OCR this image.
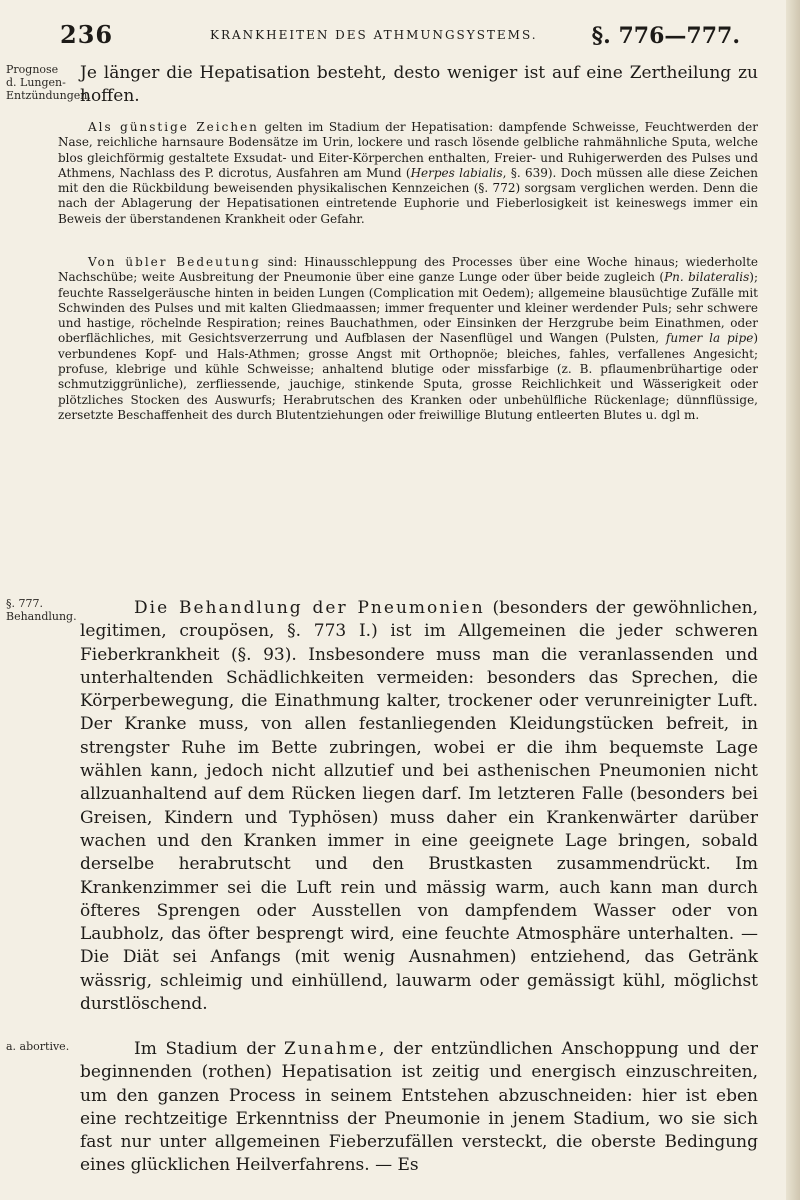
236	KRANKHEITEN DES ATHMUNGSYSTEMS. §. 776—777.
Prognose d. Lungen-Entzündungen.
§. 777. Behandlung.
a. abortive.

Je länger die Hepatisation besteht, desto weniger ist auf eine Zertheilung zu hoffen.

Als günstige Zeichen gelten im Stadium der Hepatisation: dampfende Schweisse, Feuchtwerden der Nase, reichliche harnsaure Bodensätze im Urin, lockere und rasch lösende gelbliche rahmähnliche Sputa, welche blos gleichförmig gestaltete Exsudat- und Eiter-Körperchen enthalten, Freier- und Ruhigerwerden des Pulses und Athmens, Nachlass des P. dicrotus, Ausfahren am Mund (Herpes labialis, §. 639). Doch müssen alle diese Zeichen mit den die Rückbildung beweisenden physikalischen Kennzeichen (§. 772) sorgsam verglichen werden. Denn die nach der Ablagerung der Hepatisationen eintretende Euphorie und Fieberlosigkeit ist keineswegs immer ein Beweis der überstandenen Krankheit oder Gefahr.

Von übler Bedeutung sind: Hinausschleppung des Processes über eine Woche hinaus; wiederholte Nachschübe; weite Ausbreitung der Pneumonie über eine ganze Lunge oder über beide zugleich (Pn. bilateralis); feuchte Rasselgeräusche hinten in beiden Lungen (Complication mit Oedem); allgemeine blausüchtige Zufälle mit Schwinden des Pulses und mit kalten Gliedmaassen; immer frequenter und kleiner werdender Puls; sehr schwere und hastige, röchelnde Respiration; reines Bauchathmen, oder Einsinken der Herzgrube beim Einathmen, oder oberflächliches, mit Gesichtsverzerrung und Aufblasen der Nasenflügel und Wangen (Pulsten, fumer la pipe) verbundenes Kopf- und Hals-Athmen; grosse Angst mit Orthopnöe; bleiches, fahles, verfallenes Angesicht; profuse, klebrige und kühle Schweisse; anhaltend blutige oder missfarbige (z. B. pflaumenbrühartige oder schmutziggrünliche), zerfliessende, jauchige, stinkende Sputa, grosse Reichlichkeit und Wässerigkeit oder plötzliches Stocken des Auswurfs; Herabrutschen des Kranken oder unbehülfliche Rückenlage; dünnflüssige, zersetzte Beschaffenheit des durch Blutentziehungen oder freiwillige Blutung entleerten Blutes u. dgl m.

Die Behandlung der Pneumonien (besonders der gewöhnlichen, legitimen, croupösen, §. 773 I.) ist im Allgemeinen die jeder schweren Fieberkrankheit (§. 93). Insbesondere muss man die veranlassenden und unterhaltenden Schädlichkeiten vermeiden: besonders das Sprechen, die Körperbewegung, die Einathmung kalter, trockener oder verunreinigter Luft. Der Kranke muss, von allen festanliegenden Kleidungstücken befreit, in strengster Ruhe im Bette zubringen, wobei er die ihm bequemste Lage wählen kann, jedoch nicht allzutief und bei asthenischen Pneumonien nicht allzuanhaltend auf dem Rücken liegen darf. Im letzteren Falle (besonders bei Greisen, Kindern und Typhösen) muss daher ein Krankenwärter darüber wachen und den Kranken immer in eine geeignete Lage bringen, sobald derselbe herabrutscht und den Brustkasten zusammendrückt. Im Krankenzimmer sei die Luft rein und mässig warm, auch kann man durch öfteres Sprengen oder Ausstellen von dampfendem Wasser oder von Laubholz, das öfter besprengt wird, eine feuchte Atmosphäre unterhalten. — Die Diät sei Anfangs (mit wenig Ausnahmen) entziehend, das Getränk wässrig, schleimig und einhüllend, lauwarm oder gemässigt kühl, möglichst durstlöschend.

Im Stadium der Zunahme, der entzündlichen Anschoppung und der beginnenden (rothen) Hepatisation ist zeitig und energisch einzuschreiten, um den ganzen Process in seinem Entstehen abzuschneiden: hier ist eben eine rechtzeitige Erkenntniss der Pneumonie in jenem Stadium, wo sie sich fast nur unter allgemeinen Fieberzufällen versteckt, die oberste Bedingung eines glücklichen Heilverfahrens. — Es
